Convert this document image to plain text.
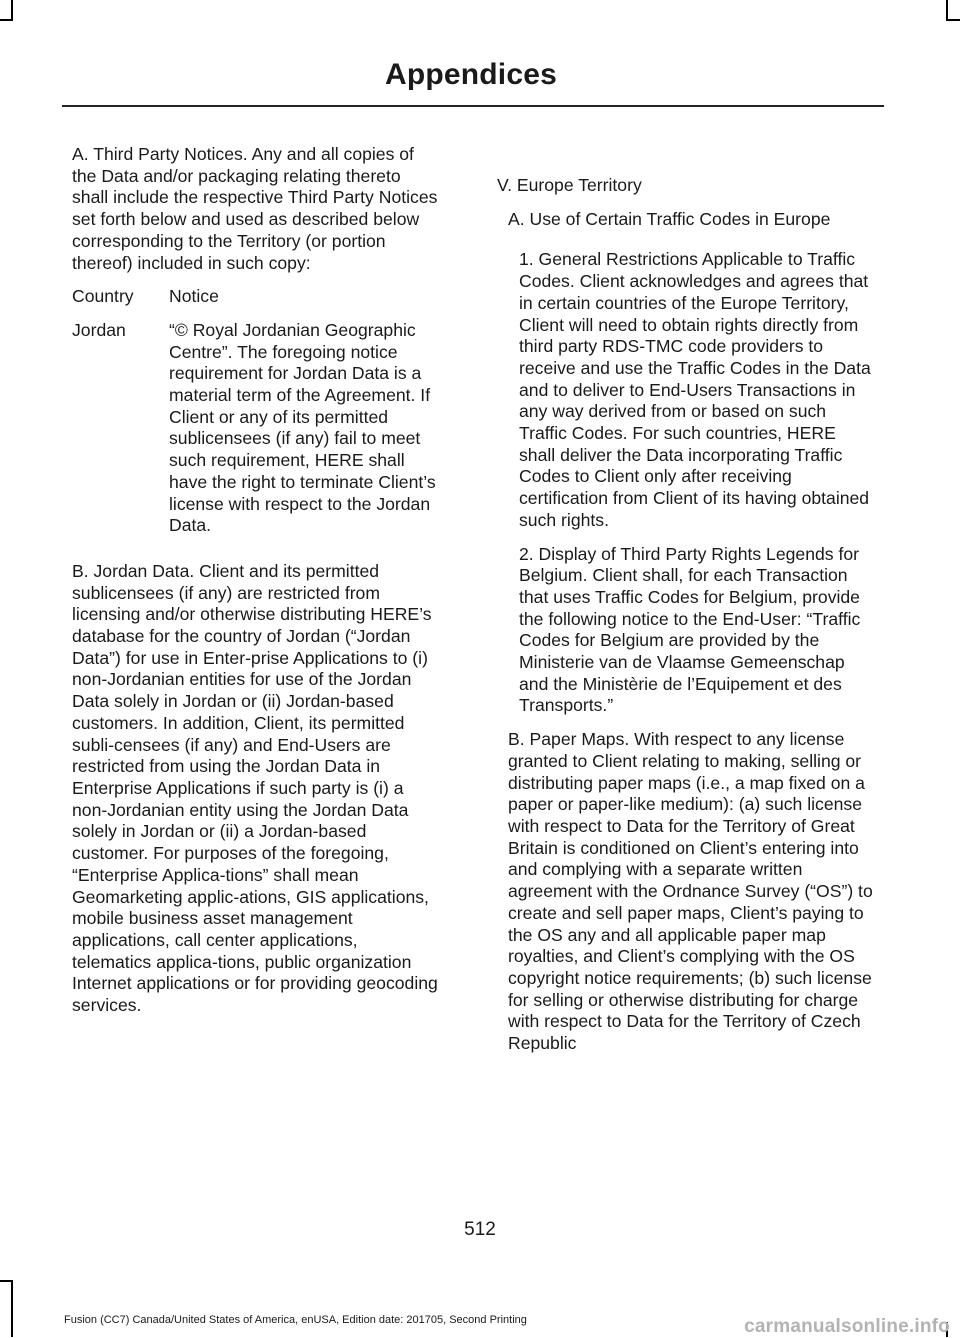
Appendices

A. Third Party Notices. Any and all copies of the Data and/or packaging relating thereto shall include the respective Third Party Notices set forth below and used as described below corresponding to the Territory (or portion thereof) included in such copy:

Country	Notice
Jordan	“© Royal Jordanian Geographic Centre”. The foregoing notice requirement for Jordan Data is a material term of the Agreement. If Client or any of its permitted sublicensees (if any) fail to meet such requirement, HERE shall have the right to terminate Client’s license with respect to the Jordan Data.

B. Jordan Data. Client and its permitted sublicensees (if any) are restricted from licensing and/or otherwise distributing HERE’s database for the country of Jordan (“Jordan Data”) for use in Enter-prise Applications to (i) non-Jordanian entities for use of the Jordan Data solely in Jordan or (ii) Jordan-based customers. In addition, Client, its permitted subli-censees (if any) and End-Users are restricted from using the Jordan Data in Enterprise Applications if such party is (i) a non-Jordanian entity using the Jordan Data solely in Jordan or (ii) a Jordan-based customer. For purposes of the foregoing, “Enterprise Applica-tions” shall mean Geomarketing applic-ations, GIS applications, mobile business asset management applications, call center applications, telematics applica-tions, public organization Internet applications or for providing geocoding services.

V. Europe Territory

A. Use of Certain Traffic Codes in Europe

1. General Restrictions Applicable to Traffic Codes. Client acknowledges and agrees that in certain countries of the Europe Territory, Client will need to obtain rights directly from third party RDS-TMC code providers to receive and use the Traffic Codes in the Data and to deliver to End-Users Transactions in any way derived from or based on such Traffic Codes. For such countries, HERE shall deliver the Data incorporating Traffic Codes to Client only after receiving certification from Client of its having obtained such rights.

2. Display of Third Party Rights Legends for Belgium. Client shall, for each Transaction that uses Traffic Codes for Belgium, provide the following notice to the End-User: “Traffic Codes for Belgium are provided by the Ministerie van de Vlaamse Gemeenschap and the Ministèrie de l’Equipement et des Transports.”

B. Paper Maps. With respect to any license granted to Client relating to making, selling or distributing paper maps (i.e., a map fixed on a paper or paper-like medium): (a) such license with respect to Data for the Territory of Great Britain is conditioned on Client’s entering into and complying with a separate written agreement with the Ordnance Survey (“OS”) to create and sell paper maps, Client’s paying to the OS any and all applicable paper map royalties, and Client’s complying with the OS copyright notice requirements; (b) such license for selling or otherwise distributing for charge with respect to Data for the Territory of Czech Republic

512
Fusion (CC7) Canada/United States of America, enUSA, Edition date: 201705, Second Printing	carmanualsonline.info
